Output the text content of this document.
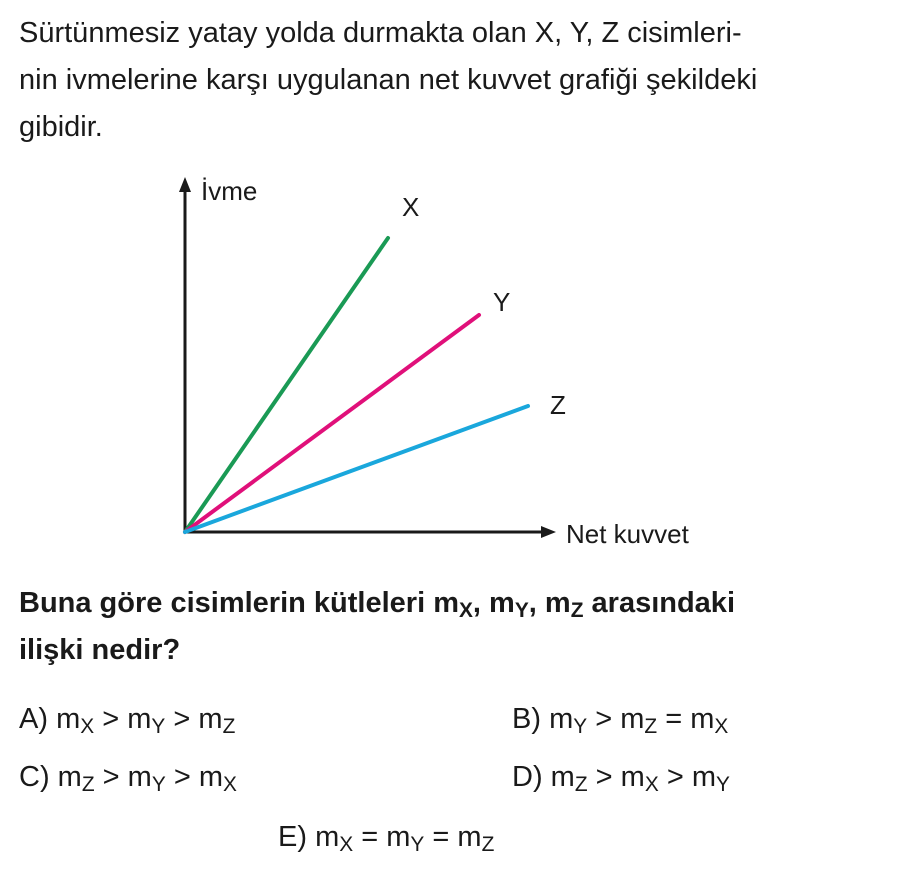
Sürtünmesiz yatay yolda durmakta olan X, Y, Z cisimleri-
nin ivmelerine karşı uygulanan net kuvvet grafiği şekildeki
gibidir.
Net kuvvet
İvme
X
Y
Z
Buna göre cisimlerin kütleleri $m_X$, $m_Y$, $m_Z$ arasındaki
ilişki nedir?
A) $m_X > m_Y > m_Z$	B) $m_Y > m_Z = m_X$
C) $m_Z > m_Y > m_X$	D) $m_Z > m_X > m_Y$
E) $m_X = m_Y = m_Z$
